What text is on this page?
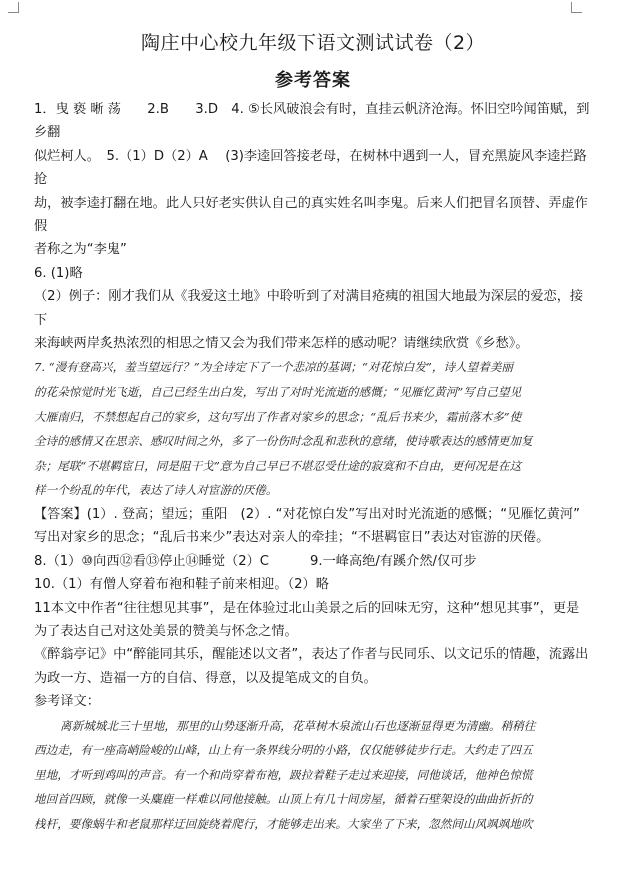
陶庄中心校九年级下语文测试试卷（2）
参考答案

1．曳 亵 晰 荡　　2.B　　3.D　4. ⑤长风破浪会有时，直挂云帆济沧海。怀旧空吟闻笛赋，到乡翻

似烂柯人。　5.（1）D（2）A　 (3)李逵回答接老母，在树林中遇到一人，冒充黑旋风李逵拦路抢

劫，被李逵打翻在地。此人只好老实供认自己的真实姓名叫李鬼。后来人们把冒名顶替、弄虚作假

者称之为“李鬼”

6. (1)略

（2）例子：刚才我们从《我爱这土地》中聆听到了对满目疮痍的祖国大地最为深层的爱恋，接下

来海峡两岸炙热浓烈的相思之情又会为我们带来怎样的感动呢？请继续欣赏《乡愁》。

7. “漫有登高兴，羞当望远行？”为全诗定下了一个悲凉的基调；“对花惊白发”，诗人望着美丽

的花朵惊觉时光飞逝，自己已经生出白发，写出了对时光流逝的感慨；“见雁忆黄河”写自己望见

大雁南归，不禁想起自己的家乡，这句写出了作者对家乡的思念；“乱后书来少，霜前落木多”使

全诗的感情又在思亲、感叹时间之外，多了一份伤时念乱和悲秋的意绪，使诗歌表达的感情更加复

杂；尾联“不堪羁宦日，同是阻干戈”意为自己早已不堪忍受仕途的寂寞和不自由，更何况是在这

样一个纷乱的年代，表达了诗人对宦游的厌倦。

【答案】(1）. 登高；望远；重阳　(2）. “对花惊白发”写出对时光流逝的感慨；“见雁忆黄河”

写出对家乡的思念；“乱后书来少”表达对亲人的牵挂；“不堪羁宦日”表达对宦游的厌倦。

8.（1）⑩向西⑫看⑬停止⑭睡觉（2）C	9.一峰高绝/有蹊介然/仅可步

10.（1）有僧人穿着布袍和鞋子前来相迎。（2）略

11本文中作者“往往想见其事”，是在体验过北山美景之后的回味无穷，这种“想见其事”，更是

为了表达自己对这处美景的赞美与怀念之情。

《醉翁亭记》中“醉能同其乐，醒能述以文者”，表达了作者与民同乐、以文记乐的情趣，流露出

为政一方、造福一方的自信、得意，以及提笔成文的自负。

参考译文：

离新城城北三十里地，那里的山势逐渐升高，花草树木泉流山石也逐渐显得更为清幽。稍稍往

西边走，有一座高峭险峻的山峰，山上有一条界线分明的小路，仅仅能够徒步行走。大约走了四五

里地，才听到鸡叫的声音。有一个和尚穿着布袍，趿拉着鞋子走过来迎接，同他谈话，他神色惊慌

地回首四顾，就像一头麋鹿一样难以同他接触。山顶上有几十间房屋，循着石壁架设的曲曲折折的

栈杆，要像蜗牛和老鼠那样迂回旋绕着爬行，才能够走出来。大家坐了下来，忽然间山风飒飒地吹
